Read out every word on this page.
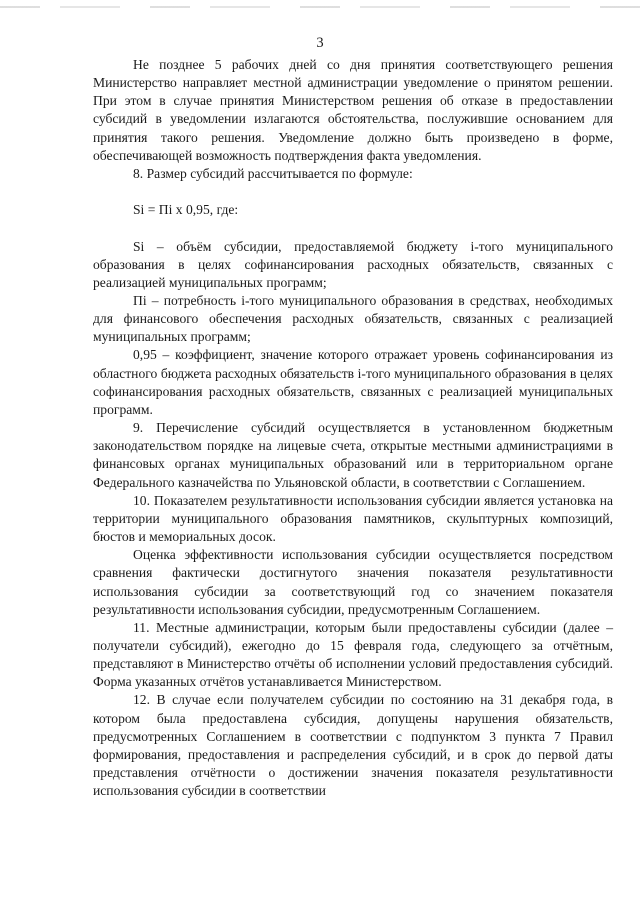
3

Не позднее 5 рабочих дней со дня принятия соответствующего решения Министерство направляет местной администрации уведомление о принятом решении. При этом в случае принятия Министерством решения об отказе в предоставлении субсидий в уведомлении излагаются обстоятельства, послужившие основанием для принятия такого решения. Уведомление должно быть произведено в форме, обеспечивающей возможность подтверждения факта уведомления.

8. Размер субсидий рассчитывается по формуле:

Si = Пi x 0,95, где:

Si – объём субсидии, предоставляемой бюджету i-того муниципального образования в целях софинансирования расходных обязательств, связанных с реализацией муниципальных программ;

Пi – потребность i-того муниципального образования в средствах, необходимых для финансового обеспечения расходных обязательств, связанных с реализацией муниципальных программ;

0,95 – коэффициент, значение которого отражает уровень софинансирования из областного бюджета расходных обязательств i-того муниципального образования в целях софинансирования расходных обязательств, связанных с реализацией муниципальных программ.

9. Перечисление субсидий осуществляется в установленном бюджетным законодательством порядке на лицевые счета, открытые местными администрациями в финансовых органах муниципальных образований или в территориальном органе Федерального казначейства по Ульяновской области, в соответствии с Соглашением.

10. Показателем результативности использования субсидии является установка на территории муниципального образования памятников, скульптурных композиций, бюстов и мемориальных досок.

Оценка эффективности использования субсидии осуществляется посредством сравнения фактически достигнутого значения показателя результативности использования субсидии за соответствующий год со значением показателя результативности использования субсидии, предусмотренным Соглашением.

11. Местные администрации, которым были предоставлены субсидии (далее – получатели субсидий), ежегодно до 15 февраля года, следующего за отчётным, представляют в Министерство отчёты об исполнении условий предоставления субсидий. Форма указанных отчётов устанавливается Министерством.

12. В случае если получателем субсидии по состоянию на 31 декабря года, в котором была предоставлена субсидия, допущены нарушения обязательств, предусмотренных Соглашением в соответствии с подпунктом 3 пункта 7 Правил формирования, предоставления и распределения субсидий, и в срок до первой даты представления отчётности о достижении значения показателя результативности использования субсидии в соответствии
